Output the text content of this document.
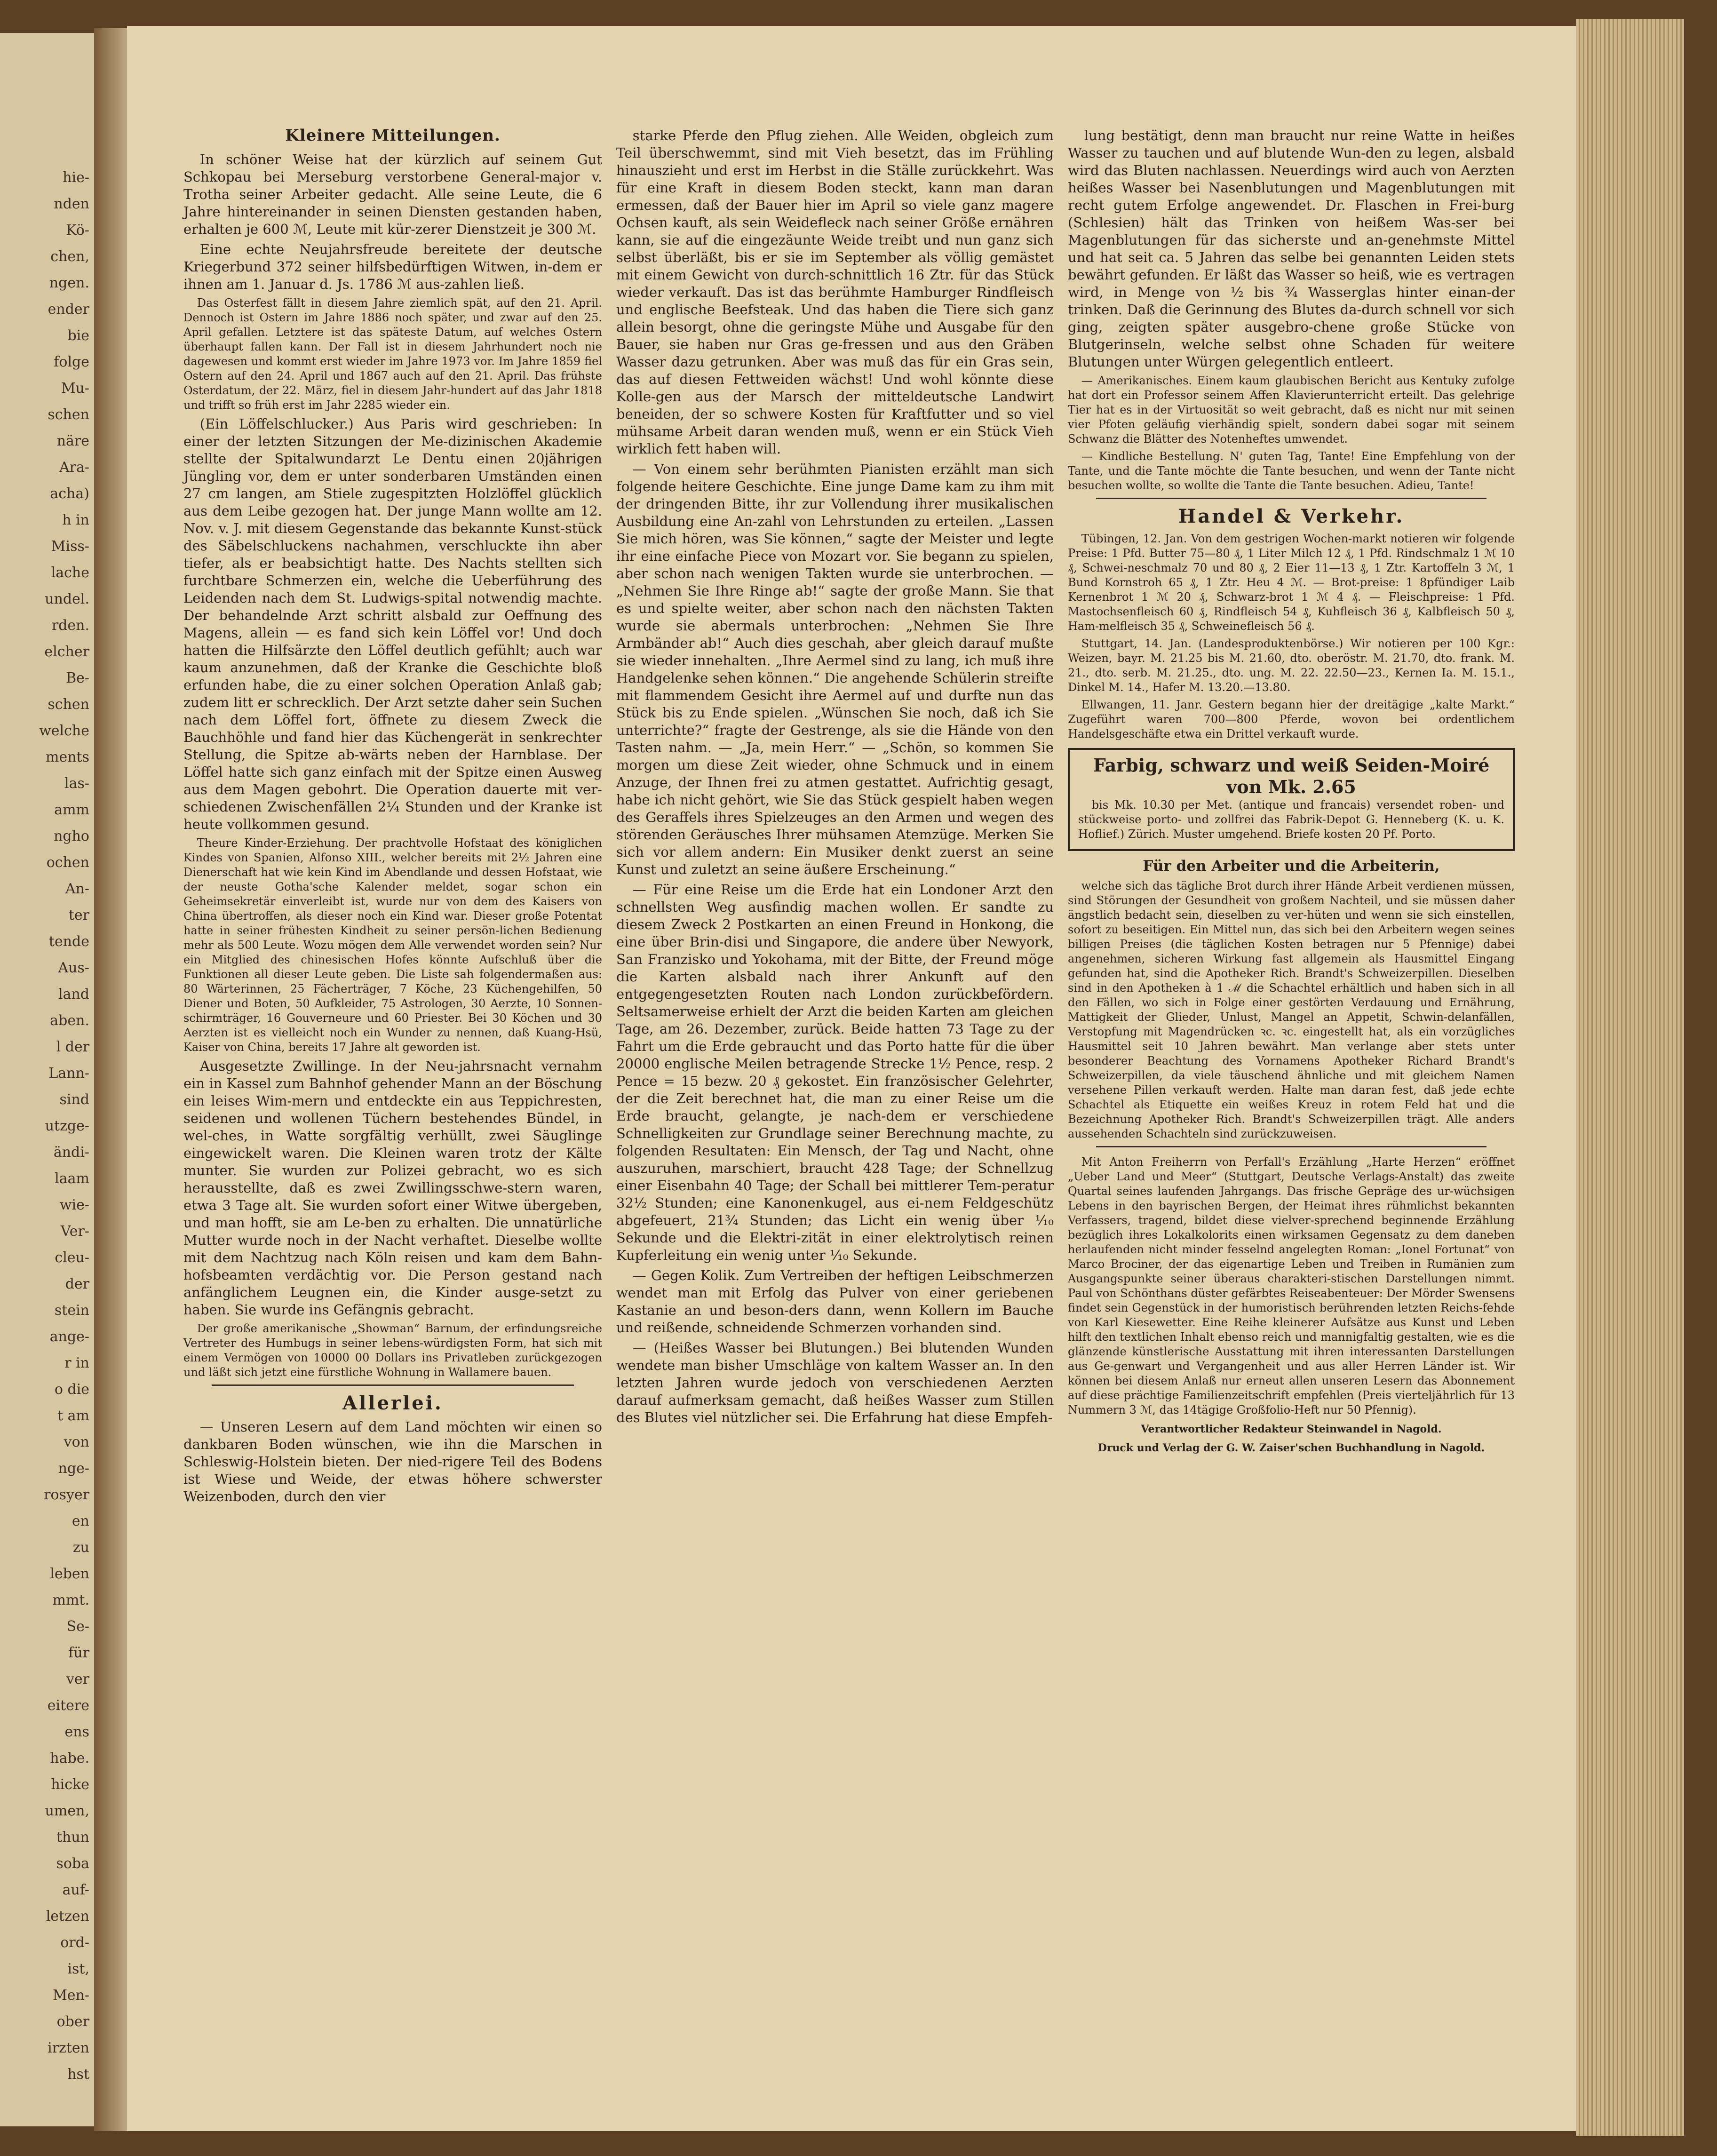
hie-
nden
Kö-
chen,
ngen.
ender
bie
folge
Mu-
schen
näre
Ara-
acha)
h in
Miss-
lache
undel.
rden.
elcher
Be-
schen
welche
ments
las-
amm
ngho
ochen
An-
ter
tende
Aus-
land
aben.
l der
Lann-
sind
utzge-
ändi-
laam
wie-
Ver-
cleu-
der
stein
ange-
r in
o die
t am
von
nge-
rosyer
en
zu
leben
mmt.
Se-
für
ver
eitere
ens
habe.
hicke
umen,
thun
soba
auf-
letzen
ord-
ist,
Men-
ober
irzten
hst
Kleinere Mitteilungen.

In schöner Weise hat der kürzlich auf seinem Gut Schkopau bei Merseburg verstorbene General-major v. Trotha seiner Arbeiter gedacht. Alle seine Leute, die 6 Jahre hintereinander in seinen Diensten gestanden haben, erhalten je 600 ℳ, Leute mit kür-zerer Dienstzeit je 300 ℳ.

Eine echte Neujahrsfreude bereitete der deutsche Kriegerbund 372 seiner hilfsbedürftigen Witwen, in-dem er ihnen am 1. Januar d. Js. 1786 ℳ aus-zahlen ließ.

Das Osterfest fällt in diesem Jahre ziemlich spät, auf den 21. April. Dennoch ist Ostern im Jahre 1886 noch später, und zwar auf den 25. April gefallen. Letztere ist das späteste Datum, auf welches Ostern überhaupt fallen kann. Der Fall ist in diesem Jahrhundert noch nie dagewesen und kommt erst wieder im Jahre 1973 vor. Im Jahre 1859 fiel Ostern auf den 24. April und 1867 auch auf den 21. April. Das frühste Osterdatum, der 22. März, fiel in diesem Jahr-hundert auf das Jahr 1818 und trifft so früh erst im Jahr 2285 wieder ein.

(Ein Löffelschlucker.) Aus Paris wird geschrieben: In einer der letzten Sitzungen der Me-dizinischen Akademie stellte der Spitalwundarzt Le Dentu einen 20jährigen Jüngling vor, dem er unter sonderbaren Umständen einen 27 cm langen, am Stiele zugespitzten Holzlöffel glücklich aus dem Leibe gezogen hat. Der junge Mann wollte am 12. Nov. v. J. mit diesem Gegenstande das bekannte Kunst-stück des Säbelschluckens nachahmen, verschluckte ihn aber tiefer, als er beabsichtigt hatte. Des Nachts stellten sich furchtbare Schmerzen ein, welche die Ueberführung des Leidenden nach dem St. Ludwigs-spital notwendig machte. Der behandelnde Arzt schritt alsbald zur Oeffnung des Magens, allein — es fand sich kein Löffel vor! Und doch hatten die Hilfsärzte den Löffel deutlich gefühlt; auch war kaum anzunehmen, daß der Kranke die Geschichte bloß erfunden habe, die zu einer solchen Operation Anlaß gab; zudem litt er schrecklich. Der Arzt setzte daher sein Suchen nach dem Löffel fort, öffnete zu diesem Zweck die Bauchhöhle und fand hier das Küchengerät in senkrechter Stellung, die Spitze ab-wärts neben der Harnblase. Der Löffel hatte sich ganz einfach mit der Spitze einen Ausweg aus dem Magen gebohrt. Die Operation dauerte mit ver-schiedenen Zwischenfällen 2¼ Stunden und der Kranke ist heute vollkommen gesund.

Theure Kinder-Erziehung. Der prachtvolle Hofstaat des königlichen Kindes von Spanien, Alfonso XIII., welcher bereits mit 2½ Jahren eine Dienerschaft hat wie kein Kind im Abendlande und dessen Hofstaat, wie der neuste Gotha'sche Kalender meldet, sogar schon ein Geheimsekretär einverleibt ist, wurde nur von dem des Kaisers von China übertroffen, als dieser noch ein Kind war. Dieser große Potentat hatte in seiner frühesten Kindheit zu seiner persön-lichen Bedienung mehr als 500 Leute. Wozu mögen dem Alle verwendet worden sein? Nur ein Mitglied des chinesischen Hofes könnte Aufschluß über die Funktionen all dieser Leute geben. Die Liste sah folgendermaßen aus: 80 Wärterinnen, 25 Fächerträger, 7 Köche, 23 Küchengehilfen, 50 Diener und Boten, 50 Aufkleider, 75 Astrologen, 30 Aerzte, 10 Sonnen-schirmträger, 16 Gouverneure und 60 Priester. Bei 30 Köchen und 30 Aerzten ist es vielleicht noch ein Wunder zu nennen, daß Kuang-Hsü, Kaiser von China, bereits 17 Jahre alt geworden ist.

Ausgesetzte Zwillinge. In der Neu-jahrsnacht vernahm ein in Kassel zum Bahnhof gehender Mann an der Böschung ein leises Wim-mern und entdeckte ein aus Teppichresten, seidenen und wollenen Tüchern bestehendes Bündel, in wel-ches, in Watte sorgfältig verhüllt, zwei Säuglinge eingewickelt waren. Die Kleinen waren trotz der Kälte munter. Sie wurden zur Polizei gebracht, wo es sich herausstellte, daß es zwei Zwillingsschwe-stern waren, etwa 3 Tage alt. Sie wurden sofort einer Witwe übergeben, und man hofft, sie am Le-ben zu erhalten. Die unnatürliche Mutter wurde noch in der Nacht verhaftet. Dieselbe wollte mit dem Nachtzug nach Köln reisen und kam dem Bahn-hofsbeamten verdächtig vor. Die Person gestand nach anfänglichem Leugnen ein, die Kinder ausge-setzt zu haben. Sie wurde ins Gefängnis gebracht.

Der große amerikanische „Showman“ Barnum, der erfindungsreiche Vertreter des Humbugs in seiner lebens-würdigsten Form, hat sich mit einem Vermögen von 10000 00 Dollars ins Privatleben zurückgezogen und läßt sich jetzt eine fürstliche Wohnung in Wallamere bauen.

Allerlei.

— Unseren Lesern auf dem Land möchten wir einen so dankbaren Boden wünschen, wie ihn die Marschen in Schleswig-Holstein bieten. Der nied-rigere Teil des Bodens ist Wiese und Weide, der etwas höhere schwerster Weizenboden, durch den vier

starke Pferde den Pflug ziehen. Alle Weiden, obgleich zum Teil überschwemmt, sind mit Vieh besetzt, das im Frühling hinauszieht und erst im Herbst in die Ställe zurückkehrt. Was für eine Kraft in diesem Boden steckt, kann man daran ermessen, daß der Bauer hier im April so viele ganz magere Ochsen kauft, als sein Weidefleck nach seiner Größe ernähren kann, sie auf die eingezäunte Weide treibt und nun ganz sich selbst überläßt, bis er sie im September als völlig gemästet mit einem Gewicht von durch-schnittlich 16 Ztr. für das Stück wieder verkauft. Das ist das berühmte Hamburger Rindfleisch und englische Beefsteak. Und das haben die Tiere sich ganz allein besorgt, ohne die geringste Mühe und Ausgabe für den Bauer, sie haben nur Gras ge-fressen und aus den Gräben Wasser dazu getrunken. Aber was muß das für ein Gras sein, das auf diesen Fettweiden wächst! Und wohl könnte diese Kolle-gen aus der Marsch der mitteldeutsche Landwirt beneiden, der so schwere Kosten für Kraftfutter und so viel mühsame Arbeit daran wenden muß, wenn er ein Stück Vieh wirklich fett haben will.

— Von einem sehr berühmten Pianisten erzählt man sich folgende heitere Geschichte. Eine junge Dame kam zu ihm mit der dringenden Bitte, ihr zur Vollendung ihrer musikalischen Ausbildung eine An-zahl von Lehrstunden zu erteilen. „Lassen Sie mich hören, was Sie können,“ sagte der Meister und legte ihr eine einfache Piece von Mozart vor. Sie begann zu spielen, aber schon nach wenigen Takten wurde sie unterbrochen. — „Nehmen Sie Ihre Ringe ab!“ sagte der große Mann. Sie that es und spielte weiter, aber schon nach den nächsten Takten wurde sie abermals unterbrochen: „Nehmen Sie Ihre Armbänder ab!“ Auch dies geschah, aber gleich darauf mußte sie wieder innehalten. „Ihre Aermel sind zu lang, ich muß ihre Handgelenke sehen können.“ Die angehende Schülerin streifte mit flammendem Gesicht ihre Aermel auf und durfte nun das Stück bis zu Ende spielen. „Wünschen Sie noch, daß ich Sie unterrichte?“ fragte der Gestrenge, als sie die Hände von den Tasten nahm. — „Ja, mein Herr.“ — „Schön, so kommen Sie morgen um diese Zeit wieder, ohne Schmuck und in einem Anzuge, der Ihnen frei zu atmen gestattet. Aufrichtig gesagt, habe ich nicht gehört, wie Sie das Stück gespielt haben wegen des Geraffels ihres Spielzeuges an den Armen und wegen des störenden Geräusches Ihrer mühsamen Atemzüge. Merken Sie sich vor allem andern: Ein Musiker denkt zuerst an seine Kunst und zuletzt an seine äußere Erscheinung.“

— Für eine Reise um die Erde hat ein Londoner Arzt den schnellsten Weg ausfindig machen wollen. Er sandte zu diesem Zweck 2 Postkarten an einen Freund in Honkong, die eine über Brin-disi und Singapore, die andere über Newyork, San Franzisko und Yokohama, mit der Bitte, der Freund möge die Karten alsbald nach ihrer Ankunft auf den entgegengesetzten Routen nach London zurückbefördern. Seltsamerweise erhielt der Arzt die beiden Karten am gleichen Tage, am 26. Dezember, zurück. Beide hatten 73 Tage zu der Fahrt um die Erde gebraucht und das Porto hatte für die über 20000 englische Meilen betragende Strecke 1½ Pence, resp. 2 Pence = 15 bezw. 20 ₰ gekostet. Ein französischer Gelehrter, der die Zeit berechnet hat, die man zu einer Reise um die Erde braucht, gelangte, je nach-dem er verschiedene Schnelligkeiten zur Grundlage seiner Berechnung machte, zu folgenden Resultaten: Ein Mensch, der Tag und Nacht, ohne auszuruhen, marschiert, braucht 428 Tage; der Schnellzug einer Eisenbahn 40 Tage; der Schall bei mittlerer Tem-peratur 32½ Stunden; eine Kanonenkugel, aus ei-nem Feldgeschütz abgefeuert, 21¾ Stunden; das Licht ein wenig über ¹⁄₁₀ Sekunde und die Elektri-zität in einer elektrolytisch reinen Kupferleitung ein wenig unter ¹⁄₁₀ Sekunde.

— Gegen Kolik. Zum Vertreiben der heftigen Leibschmerzen wendet man mit Erfolg das Pulver von einer geriebenen Kastanie an und beson-ders dann, wenn Kollern im Bauche und reißende, schneidende Schmerzen vorhanden sind.

— (Heißes Wasser bei Blutungen.) Bei blutenden Wunden wendete man bisher Umschläge von kaltem Wasser an. In den letzten Jahren wurde jedoch von verschiedenen Aerzten darauf aufmerksam gemacht, daß heißes Wasser zum Stillen des Blutes viel nützlicher sei. Die Erfahrung hat diese Empfeh-

lung bestätigt, denn man braucht nur reine Watte in heißes Wasser zu tauchen und auf blutende Wun-den zu legen, alsbald wird das Bluten nachlassen. Neuerdings wird auch von Aerzten heißes Wasser bei Nasenblutungen und Magenblutungen mit recht gutem Erfolge angewendet. Dr. Flaschen in Frei-burg (Schlesien) hält das Trinken von heißem Was-ser bei Magenblutungen für das sicherste und an-genehmste Mittel und hat seit ca. 5 Jahren das selbe bei genannten Leiden stets bewährt gefunden. Er läßt das Wasser so heiß, wie es vertragen wird, in Menge von ½ bis ¾ Wasserglas hinter einan-der trinken. Daß die Gerinnung des Blutes da-durch schnell vor sich ging, zeigten später ausgebro-chene große Stücke von Blutgerinseln, welche selbst ohne Schaden für weitere Blutungen unter Würgen gelegentlich entleert.

— Amerikanisches. Einem kaum glaubischen Bericht aus Kentuky zufolge hat dort ein Professor seinem Affen Klavierunterricht erteilt. Das gelehrige Tier hat es in der Virtuosität so weit gebracht, daß es nicht nur mit seinen vier Pfoten geläufig vierhändig spielt, sondern dabei sogar mit seinem Schwanz die Blätter des Notenheftes umwendet.

— Kindliche Bestellung. N' guten Tag, Tante! Eine Empfehlung von der Tante, und die Tante möchte die Tante besuchen, und wenn der Tante nicht besuchen wollte, so wollte die Tante die Tante besuchen. Adieu, Tante!

Handel & Verkehr.

Tübingen, 12. Jan. Von dem gestrigen Wochen-markt notieren wir folgende Preise: 1 Pfd. Butter 75—80 ₰, 1 Liter Milch 12 ₰, 1 Pfd. Rindschmalz 1 ℳ 10 ₰, Schwei-neschmalz 70 und 80 ₰, 2 Eier 11—13 ₰, 1 Ztr. Kartoffeln 3 ℳ, 1 Bund Kornstroh 65 ₰, 1 Ztr. Heu 4 ℳ. — Brot-preise: 1 8pfündiger Laib Kernenbrot 1 ℳ 20 ₰, Schwarz-brot 1 ℳ 4 ₰. — Fleischpreise: 1 Pfd. Mastochsenfleisch 60 ₰, Rindfleisch 54 ₰, Kuhfleisch 36 ₰, Kalbfleisch 50 ₰, Ham-melfleisch 35 ₰, Schweinefleisch 56 ₰.

Stuttgart, 14. Jan. (Landesproduktenbörse.) Wir notieren per 100 Kgr.: Weizen, bayr. M. 21.25 bis M. 21.60, dto. oberöstr. M. 21.70, dto. frank. M. 21., dto. serb. M. 21.25., dto. ung. M. 22. 22.50—23., Kernen Ia. M. 15.1., Dinkel M. 14., Hafer M. 13.20.—13.80.

Ellwangen, 11. Janr. Gestern begann hier der dreitägige „kalte Markt.“ Zugeführt waren 700—800 Pferde, wovon bei ordentlichem Handelsgeschäfte etwa ein Drittel verkauft wurde.

Farbig, schwarz und weiß Seiden-Moiré von Mk. 2.65

bis Mk. 10.30 per Met. (antique und francais) versendet roben- und stückweise porto- und zollfrei das Fabrik-Depot G. Henneberg (K. u. K. Hoflief.) Zürich. Muster umgehend. Briefe kosten 20 Pf. Porto.

Für den Arbeiter und die Arbeiterin,

welche sich das tägliche Brot durch ihrer Hände Arbeit verdienen müssen, sind Störungen der Gesundheit von großem Nachteil, und sie müssen daher ängstlich bedacht sein, dieselben zu ver-hüten und wenn sie sich einstellen, sofort zu beseitigen. Ein Mittel nun, das sich bei den Arbeitern wegen seines billigen Preises (die täglichen Kosten betragen nur 5 Pfennige) dabei angenehmen, sicheren Wirkung fast allgemein als Hausmittel Eingang gefunden hat, sind die Apotheker Rich. Brandt's Schweizerpillen. Dieselben sind in den Apotheken à 1 ℳ die Schachtel erhältlich und haben sich in all den Fällen, wo sich in Folge einer gestörten Verdauung und Ernährung, Mattigkeit der Glieder, Unlust, Mangel an Appetit, Schwin-delanfällen, Verstopfung mit Magendrücken ꝛc. ꝛc. eingestellt hat, als ein vorzügliches Hausmittel seit 10 Jahren bewährt. Man verlange aber stets unter besonderer Beachtung des Vornamens Apotheker Richard Brandt's Schweizerpillen, da viele täuschend ähnliche und mit gleichem Namen versehene Pillen verkauft werden. Halte man daran fest, daß jede echte Schachtel als Etiquette ein weißes Kreuz in rotem Feld hat und die Bezeichnung Apotheker Rich. Brandt's Schweizerpillen trägt. Alle anders aussehenden Schachteln sind zurückzuweisen.

Mit Anton Freiherrn von Perfall's Erzählung „Harte Herzen“ eröffnet „Ueber Land und Meer“ (Stuttgart, Deutsche Verlags-Anstalt) das zweite Quartal seines laufenden Jahrgangs. Das frische Gepräge des ur-wüchsigen Lebens in den bayrischen Bergen, der Heimat ihres rühmlichst bekannten Verfassers, tragend, bildet diese vielver-sprechend beginnende Erzählung bezüglich ihres Lokalkolorits einen wirksamen Gegensatz zu dem daneben herlaufenden nicht minder fesselnd angelegten Roman: „Ionel Fortunat“ von Marco Brociner, der das eigenartige Leben und Treiben in Rumänien zum Ausgangspunkte seiner überaus charakteri-stischen Darstellungen nimmt. Paul von Schönthans düster gefärbtes Reiseabenteuer: Der Mörder Swensens findet sein Gegenstück in der humoristisch berührenden letzten Reichs-fehde von Karl Kiesewetter. Eine Reihe kleinerer Aufsätze aus Kunst und Leben hilft den textlichen Inhalt ebenso reich und mannigfaltig gestalten, wie es die glänzende künstlerische Ausstattung mit ihren interessanten Darstellungen aus Ge-genwart und Vergangenheit und aus aller Herren Länder ist. Wir können bei diesem Anlaß nur erneut allen unseren Lesern das Abonnement auf diese prächtige Familienzeitschrift empfehlen (Preis vierteljährlich für 13 Nummern 3 ℳ, das 14tägige Großfolio-Heft nur 50 Pfennig).

Verantwortlicher Redakteur Steinwandel in Nagold.
Druck und Verlag der G. W. Zaiser'schen Buchhandlung in Nagold.
